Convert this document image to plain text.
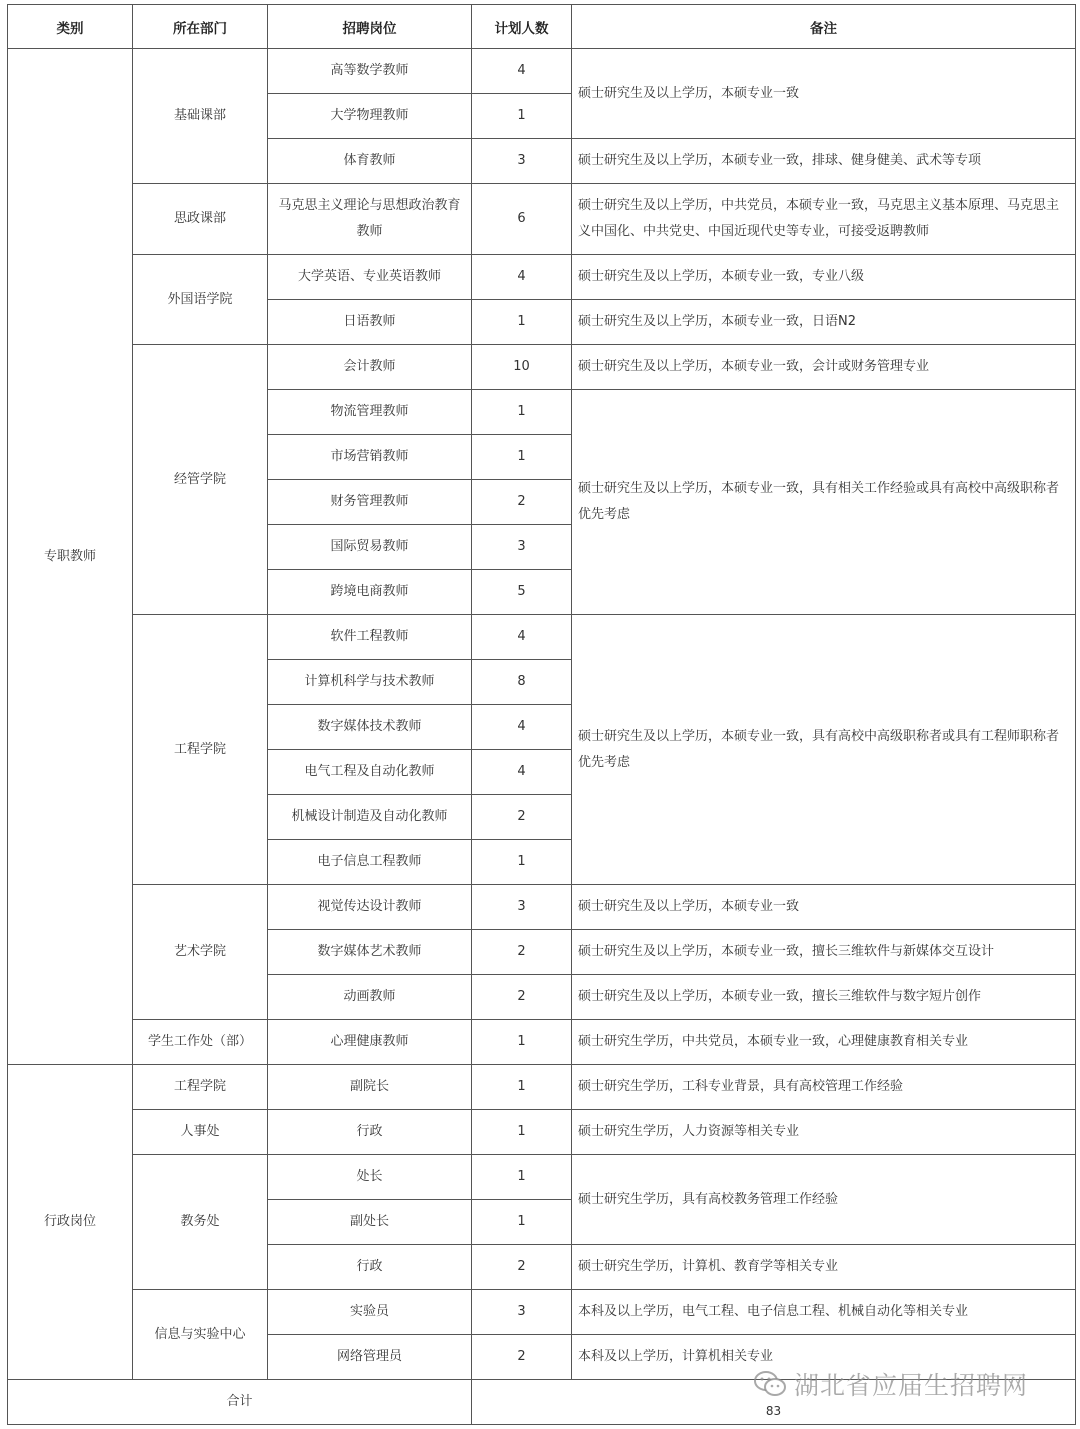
类别	所在部门	招聘岗位	计划人数	备注
专职教师	基础课部	高等数学教师	4	硕士研究生及以上学历，本硕专业一致
		大学物理教师	1	
		体育教师	3	硕士研究生及以上学历，本硕专业一致，排球、健身健美、武术等专项
	思政课部	马克思主义理论与思想政治教育教师	6	硕士研究生及以上学历，中共党员，本硕专业一致，马克思主义基本原理、马克思主义中国化、中共党史、中国近现代史等专业，可接受返聘教师
	外国语学院	大学英语、专业英语教师	4	硕士研究生及以上学历，本硕专业一致，专业八级
		日语教师	1	硕士研究生及以上学历，本硕专业一致，日语N2
	经管学院	会计教师	10	硕士研究生及以上学历，本硕专业一致，会计或财务管理专业
		物流管理教师	1	硕士研究生及以上学历，本硕专业一致，具有相关工作经验或具有高校中高级职称者优先考虑
		市场营销教师	1	
		财务管理教师	2	
		国际贸易教师	3	
		跨境电商教师	5	
	工程学院	软件工程教师	4	硕士研究生及以上学历，本硕专业一致，具有高校中高级职称者或具有工程师职称者优先考虑
		计算机科学与技术教师	8	
		数字媒体技术教师	4	
		电气工程及自动化教师	4	
		机械设计制造及自动化教师	2	
		电子信息工程教师	1	
	艺术学院	视觉传达设计教师	3	硕士研究生及以上学历，本硕专业一致
		数字媒体艺术教师	2	硕士研究生及以上学历，本硕专业一致，擅长三维软件与新媒体交互设计
		动画教师	2	硕士研究生及以上学历，本硕专业一致，擅长三维软件与数字短片创作
	学生工作处（部）	心理健康教师	1	硕士研究生学历，中共党员，本硕专业一致，心理健康教育相关专业
行政岗位	工程学院	副院长	1	硕士研究生学历，工科专业背景，具有高校管理工作经验
	人事处	行政	1	硕士研究生学历，人力资源等相关专业
	教务处	处长	1	硕士研究生学历，具有高校教务管理工作经验
		副处长	1	
		行政	2	硕士研究生学历，计算机、教育学等相关专业
	信息与实验中心	实验员	3	本科及以上学历，电气工程、电子信息工程、机械自动化等相关专业
		网络管理员	2	本科及以上学历，计算机相关专业
合计			83	
湖北省应届生招聘网
